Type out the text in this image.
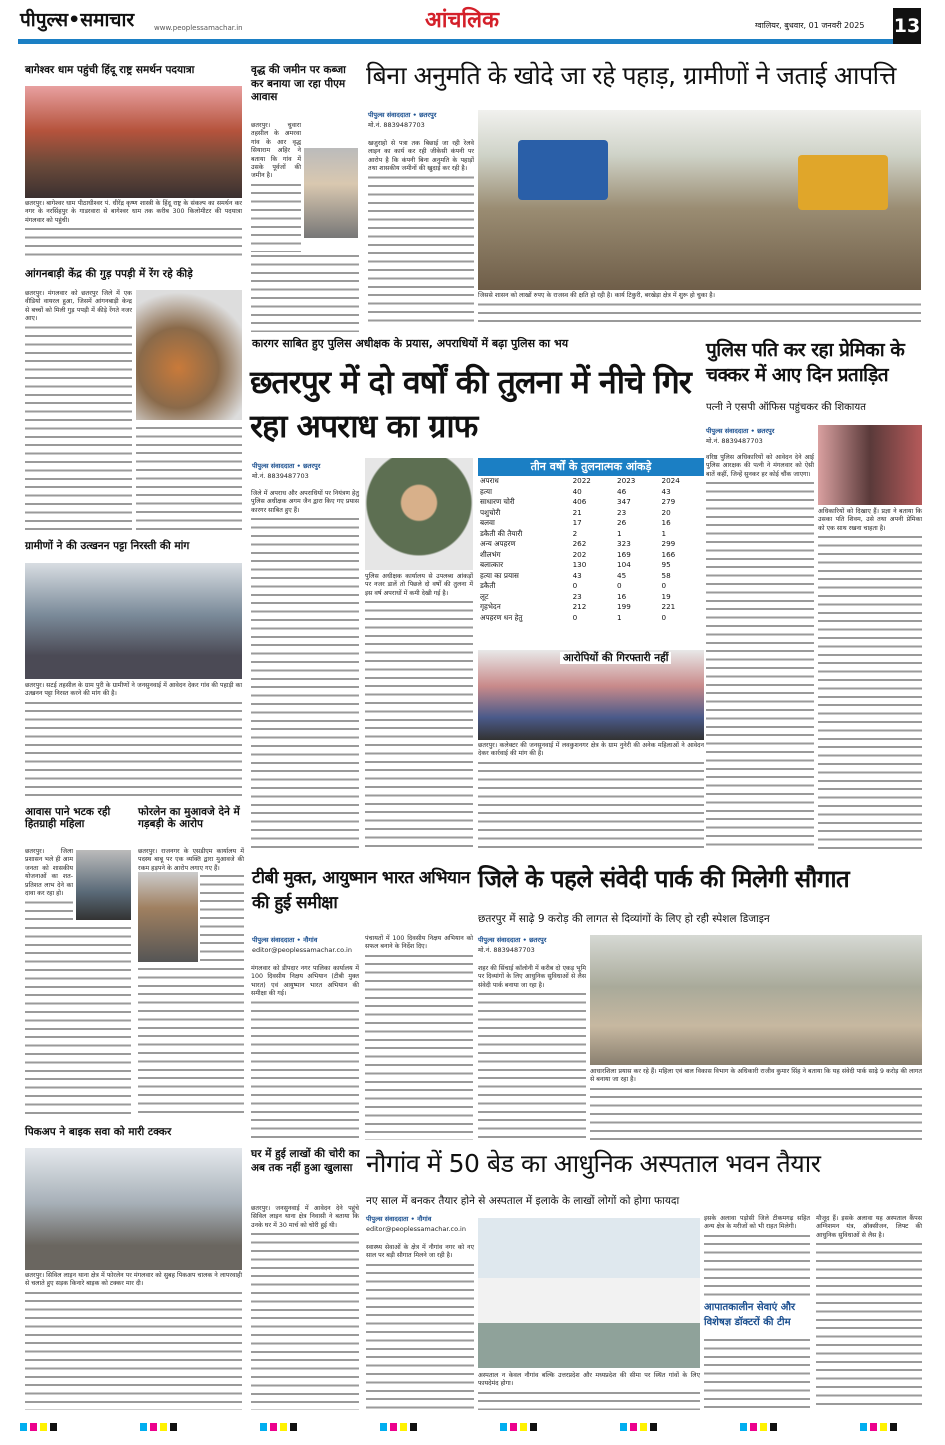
पीपुल्स•समाचार	www.peoplessamachar.in	आंचलिक	ग्वालियर, बुधवार, 01 जनवरी 2025 13
बागेश्वर धाम पहुंची हिंदू राष्ट्र समर्थन पदयात्रा
छतरपुर। बागेश्वर धाम पीठाधीश्वर पं. धीरेंद्र कृष्ण शास्त्री के हिंदू राष्ट्र के संकल्प का समर्थन कर नगर के नरसिंहपुर के गाडरवारा से बागेश्वर धाम तक करीब 300 किलोमीटर की पदयात्रा मंगलवार को पहुंची।
आंगनबाड़ी केंद्र की गुड़ पपड़ी में रेंग रहे कीड़े
छतरपुर। मंगलवार को छतरपुर जिले में एक वीडियो वायरल हुआ, जिसमें आंगनबाड़ी केन्द्र से बच्चों को मिली गुड़ पपड़ी में कीड़े रेंगते नजर आए।
ग्रामीणों ने की उत्खनन पट्टा निरस्ती की मांग
छतरपुर। सटई तहसील के ग्राम पुरी के ग्रामीणों ने जनसुनवाई में आवेदन देकर गांव की पहाड़ी का उत्खनन पट्टा निरस्त करने की मांग की है।
आवास पाने भटक रही हितग्राही महिला
छतरपुर। जिला प्रशासन भले ही आम जनता को शासकीय योजनाओं का शत-प्रतिशत लाभ देने का दावा कर रहा हो।
फोरलेन का मुआवजे देने में गड़बड़ी के आरोप
छतरपुर। राजनगर के एसडीएम कार्यालय में पदस्थ बाबू पर एक व्यक्ति द्वारा मुआवजे की रकम हड़पने के आरोप लगाए गए हैं।
पिकअप ने बाइक सवा को मारी टक्कर
छतरपुर। सिविल लाइन थाना क्षेत्र में फोरलेन पर मंगलवार को सुबह पिकअप चालक ने लापरवाही से चलाते हुए सड़क किनारे बाइक को टक्कर मार दी।
वृद्ध की जमीन पर कब्जा कर बनाया जा रहा पीएम आवास
छतरपुर। चुवारा तहसील के अमरवा गांव के आर वृद्ध सियाराम अहिर ने बताया कि गांव में उसके पूर्वजों की जमीन है।
बिना अनुमति के खोदे जा रहे पहाड़, ग्रामीणों ने जताई आपत्ति
पीपुल्स संवाददाता • छतरपुर
मो.नं. 8839487703
खजुराहो से पत्रा तक बिछाई जा रही रेलवे लाइन का कार्य कर रही जीकेसी कंपनी पर आरोप है कि कंपनी बिना अनुमति के पहाड़ों तथा शासकीय जमीनों की खुदाई कर रही है।
जिससे शासन को लाखों रुपए के राजस्व की क्षति हो रही है। कार्य टिकुरी, बरखेड़ा क्षेत्र में शुरू हो चुका है।
कारगर साबित हुए पुलिस अधीक्षक के प्रयास, अपराधियों में बढ़ा पुलिस का भय
छतरपुर में दो वर्षों की तुलना में नीचे गिर रहा अपराध का ग्राफ
पीपुल्स संवाददाता • छतरपुर
मो.नं. 8839487703
जिले में अपराध और अपराधियों पर नियंत्रण हेतु पुलिस अधीक्षक अगम जैन द्वारा किए गए प्रयास कारगर साबित हुए हैं।
पुलिस अधीक्षक कार्यालय से उपलब्ध आंकड़ों पर नजर डालें तो पिछले दो वर्षों की तुलना में इस वर्ष अपराधों में कमी देखी गई है।
तीन वर्षों के तुलनात्मक आंकड़े
अपराध	2022	2023	2024
हत्या	40	46	43
साधारण चोरी	406	347	279
पशुचोरी	21	23	20
बलवा	17	26	16
डकैती की तैयारी	2	1	1
अन्य अपहरण	262	323	299
शीलभंग	202	169	166
बलात्कार	130	104	95
हत्या का प्रयास	43	45	58
डकैती	0	0	0
लूट	23	16	19
गृहभेदन	212	199	221
अपहरण धन हेतु	0	1	0
आरोपियों की गिरफ्तारी नहीं
छतरपुर। कलेक्टर की जनसुनवाई में लवकुशनगर क्षेत्र के ग्राम नुनेरी की अनेक महिलाओं ने आवेदन देकर कार्रवाई की मांग की है।
पुलिस पति कर रहा प्रेमिका के चक्कर में आए दिन प्रताड़ित
पत्नी ने एसपी ऑफिस पहुंचकर की शिकायत
पीपुल्स संवाददाता • छतरपुर
मो.नं. 8839487703
वरिष्ठ पुलिस अधिकारियों को आवेदन देने आई पुलिस आरक्षक की पत्नी ने मंगलवार को ऐसी बातें कहीं, जिन्हें सुनकर हर कोई चौंक जाएगा।
अधिकारियों को दिखाए हैं। प्रज्ञा ने बताया कि उसका पति शिवम, उसे तथा अपनी प्रेमिका को एक साथ रखना चाहता है।
टीबी मुक्त, आयुष्मान भारत अभियान की हुई समीक्षा
पीपुल्स संवाददाता • नौगांव
editor@peoplessamachar.co.in
मंगलवार को डीपदार नगर पालिका कार्यालय में 100 दिवसीय निक्षय अभियान (टीबी मुक्त भारत) एवं आयुष्मान भारत अभियान की समीक्षा की गई।
पंचायतों में 100 दिवसीय निक्षय अभियान को सफल बनाने के निर्देश दिए।
जिले के पहले संवेदी पार्क की मिलेगी सौगात
छतरपुर में साढ़े 9 करोड़ की लागत से दिव्यांगों के लिए हो रही स्पेशल डिजाइन
पीपुल्स संवाददाता • छतरपुर
मो.नं. 8839487703
शहर की सिंचाई कॉलोनी में करीब दो एकड़ भूमि पर दिव्यांगों के लिए आधुनिक सुविधाओं से लैस संवेदी पार्क बनाया जा रहा है।
आधारशिला प्रयास कर रहे हैं। महिला एवं बाल विकास विभाग के अधिकारी राजीव कुमार सिंह ने बताया कि यह संवेदी पार्क साढ़े 9 करोड़ की लागत से बनाया जा रहा है।
घर में हुई लाखों की चोरी का अब तक नहीं हुआ खुलासा
छतरपुर। जनसुनवाई में आवेदन देने पहुंचे सिविल लाइन थाना क्षेत्र निवासी ने बताया कि उनके घर में 30 मार्च को चोरी हुई थी।
नौगांव में 50 बेड का आधुनिक अस्पताल भवन तैयार
नए साल में बनकर तैयार होने से अस्पताल में इलाके के लाखों लोगों को होगा फायदा
पीपुल्स संवाददाता • नौगांव
editor@peoplessamachar.co.in
स्वास्थ्य सेवाओं के क्षेत्र में नौगांव नगर को नए साल पर बड़ी सौगात मिलने जा रही है।
अस्पताल न केवल नौगांव बल्कि उत्तरप्रदेश और मध्यप्रदेश की सीमा पर स्थित गांवों के लिए फायदेमंद होगा।
इसके अलावा पड़ोसी जिले टीकमगढ़ सहित अन्य क्षेत्र के मरीजों को भी राहत मिलेगी।
आपातकालीन सेवाएं और विशेषज्ञ डॉक्टरों की टीम
मौजूद हैं। इसके अलावा यह अस्पताल कैंपस अग्निशमन यंत्र, ऑक्सीजन, लिफ्ट की आधुनिक सुविधाओं से लैस है।
